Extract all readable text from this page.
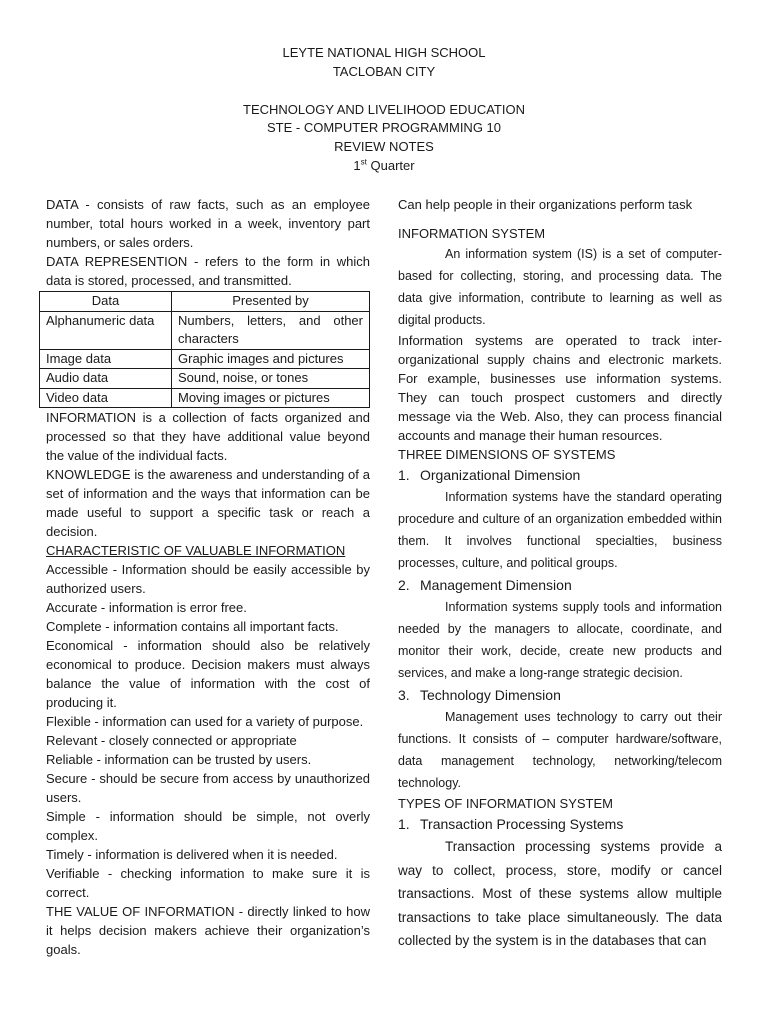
LEYTE NATIONAL HIGH SCHOOL

TACLOBAN CITY

TECHNOLOGY AND LIVELIHOOD EDUCATION

STE - COMPUTER PROGRAMMING 10

REVIEW NOTES

1st Quarter

DATA - consists of raw facts, such as an employee number, total hours worked in a week, inventory part numbers, or sales orders.

DATA REPRESENTION - refers to the form in which data is stored, processed, and transmitted.

Data	Presented by
Alphanumeric data	Numbers, letters, and other characters
Image data	Graphic images and pictures
Audio data	Sound, noise, or tones
Video data	Moving images or pictures

INFORMATION is a collection of facts organized and processed so that they have additional value beyond the value of the individual facts.

KNOWLEDGE is the awareness and understanding of a set of information and the ways that information can be made useful to support a specific task or reach a decision.

CHARACTERISTIC OF VALUABLE INFORMATION

Accessible - Information should be easily accessible by authorized users.

Accurate - information is error free.

Complete - information contains all important facts.

Economical - information should also be relatively economical to produce. Decision makers must always balance the value of information with the cost of producing it.

Flexible - information can used for a variety of purpose.

Relevant - closely connected or appropriate

Reliable - information can be trusted by users.

Secure - should be secure from access by unauthorized users.

Simple - information should be simple, not overly complex.

Timely - information is delivered when it is needed.

Verifiable - checking information to make sure it is correct.

THE VALUE OF INFORMATION - directly linked to how it helps decision makers achieve their organization’s goals.

Can help people in their organizations perform task

INFORMATION SYSTEM

An information system (IS) is a set of computer-based for collecting, storing, and processing data. The data give information, contribute to learning as well as digital products.

Information systems are operated to track inter-organizational supply chains and electronic markets. For example, businesses use information systems. They can touch prospect customers and directly message via the Web. Also, they can process financial accounts and manage their human resources.

THREE DIMENSIONS OF SYSTEMS

1. Organizational Dimension

Information systems have the standard operating procedure and culture of an organization embedded within them. It involves functional specialties, business processes, culture, and political groups.

2. Management Dimension

Information systems supply tools and information needed by the managers to allocate, coordinate, and monitor their work, decide, create new products and services, and make a long-range strategic decision.

3. Technology Dimension

Management uses technology to carry out their functions. It consists of – computer hardware/software, data management technology, networking/telecom technology.

TYPES OF INFORMATION SYSTEM

1. Transaction Processing Systems

Transaction processing systems provide a way to collect, process, store, modify or cancel transactions. Most of these systems allow multiple transactions to take place simultaneously. The data collected by the system is in the databases that can
